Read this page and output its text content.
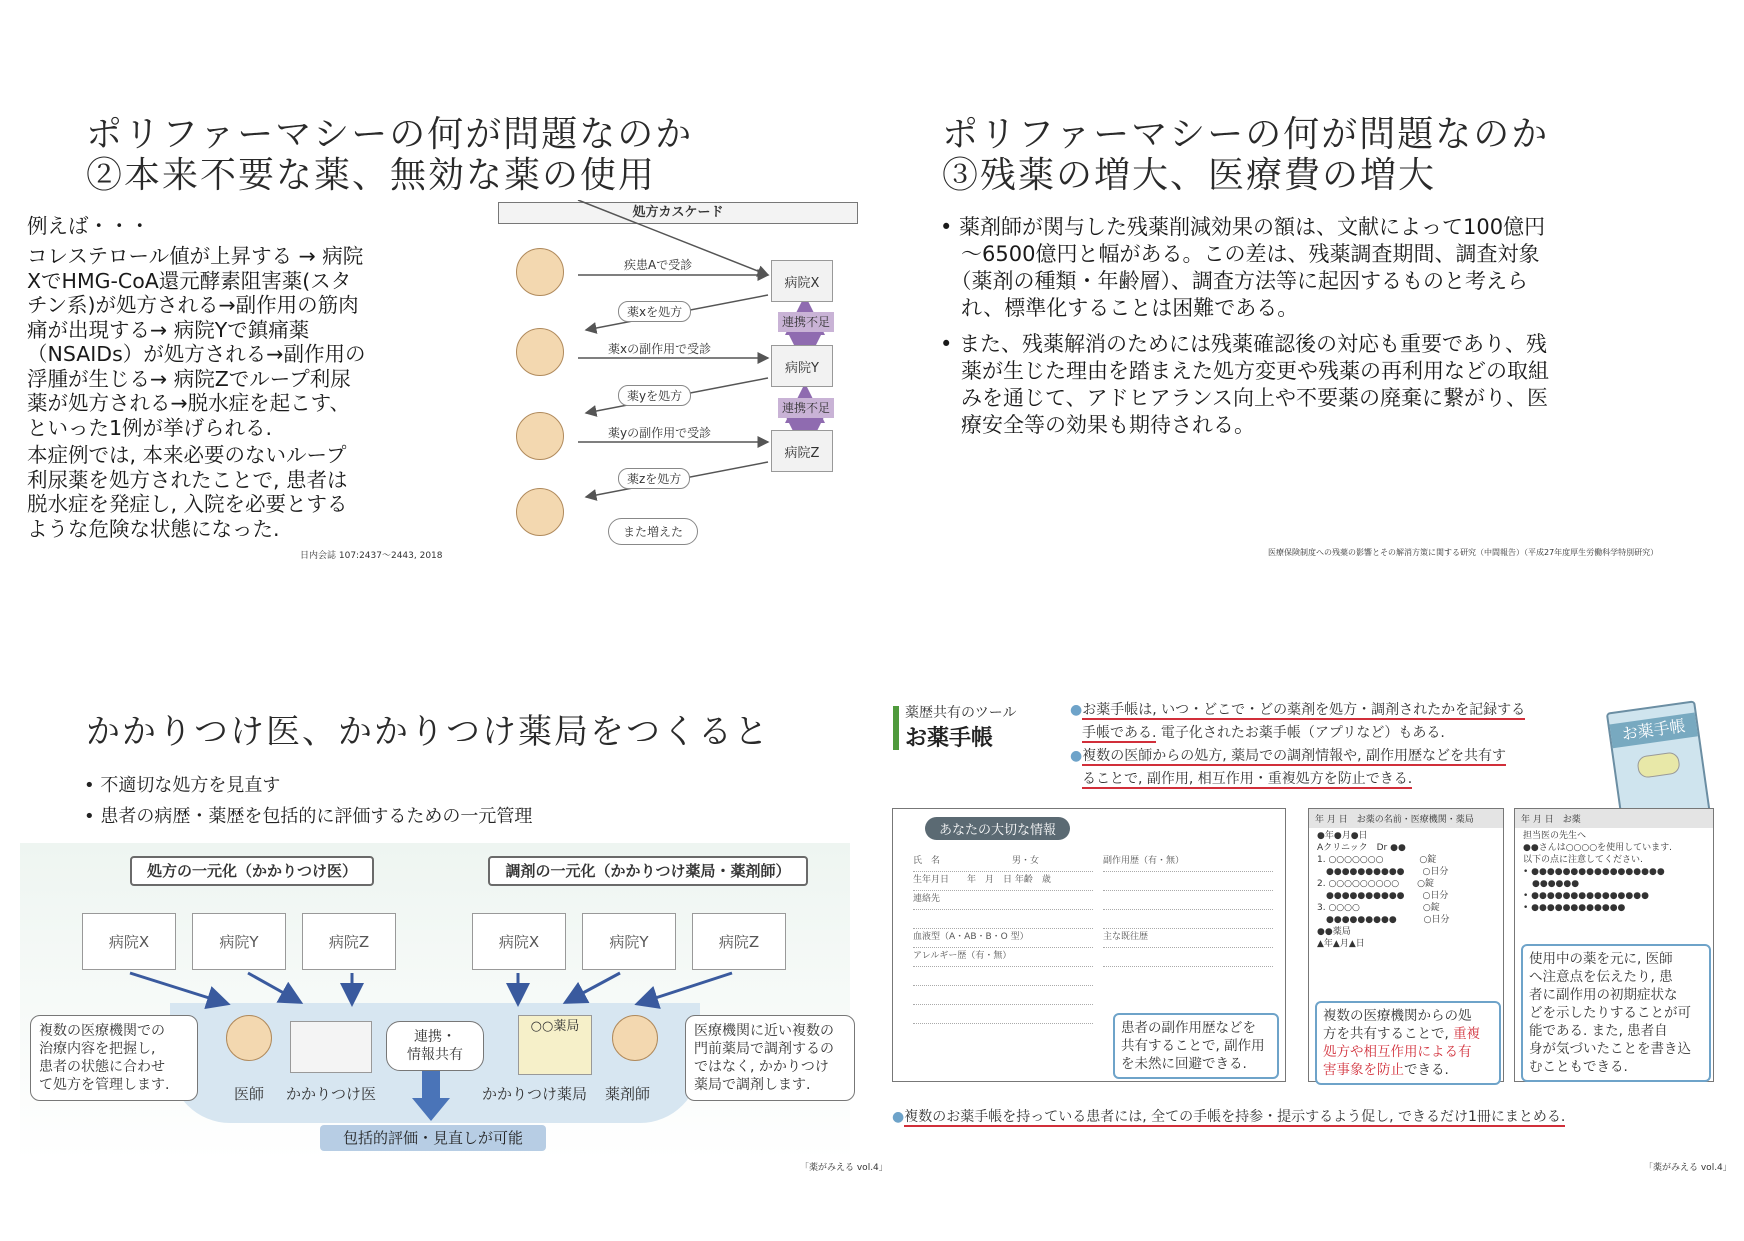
ポリファーマシーの何が問題なのか
②本来不要な薬、無効な薬の使用
例えば・・・
コレステロール値が上昇する → 病院
XでHMG-CoA還元酵素阻害薬(スタ
チン系)が処方される→副作用の筋肉
痛が出現する→ 病院Yで鎮痛薬
（NSAIDs）が処方される→副作用の
浮腫が生じる→ 病院Zでループ利尿
薬が処方される→脱水症を起こす、
といった1例が挙げられる.
本症例では, 本来必要のないループ
利尿薬を処方されたことで, 患者は
脱水症を発症し, 入院を必要とする
ような危険な状態になった.
日内会誌 107:2437～2443, 2018
処方カスケード
病院X
病院Y
病院Z
連携不足
連携不足
疾患Aで受診
薬xを処方
薬xの副作用で受診
薬yを処方
薬yの副作用で受診
薬zを処方
また増えた
ポリファーマシーの何が問題なのか
③残薬の増大、医療費の増大
• 薬剤師が関与した残薬削減効果の額は、文献によって100億円
　～6500億円と幅がある。この差は、残薬調査期間、調査対象
　（薬剤の種類・年齢層）、調査方法等に起因するものと考えら
　れ、標準化することは困難である。
• また、残薬解消のためには残薬確認後の対応も重要であり、残
　薬が生じた理由を踏まえた処方変更や残薬の再利用などの取組
　みを通じて、アドヒアランス向上や不要薬の廃棄に繋がり、医
　療安全等の効果も期待される。
医療保険制度への残薬の影響とその解消方策に関する研究（中間報告）（平成27年度厚生労働科学特別研究）
かかりつけ医、かかりつけ薬局をつくると
• 不適切な処方を見直す
• 患者の病歴・薬歴を包括的に評価するための一元管理
処方の一元化（かかりつけ医）	調剤の一元化（かかりつけ薬局・薬剤師）
病院X	病院Y	病院Z	病院X	病院Y	病院Z
複数の医療機関での
治療内容を把握し,
患者の状態に合わせ
て処方を管理します.
医療機関に近い複数の
門前薬局で調剤するの
ではなく, かかりつけ
薬局で調剤します.
○○薬局
連携・
情報共有
医師 かかりつけ医	かかりつけ薬局 薬剤師
包括的評価・見直しが可能
「薬がみえる vol.4」
薬歴共有のツール
お薬手帳
●お薬手帳は, いつ・どこで・どの薬剤を処方・調剤されたかを記録する
手帳である. 電子化されたお薬手帳（アプリなど）もある.
●複数の医師からの処方, 薬局での調剤情報や, 副作用歴などを共有す
ることで, 副作用, 相互作用・重複処方を防止できる.
お薬手帳
あなたの大切な情報
氏　名　　　　　　　　男・女
生年月日　　年　月　日 年齢　歳
連絡先
血液型（A・AB・B・O 型）
アレルギー歴（有・無）
副作用歴（有・無）
主な既往歴
患者の副作用歴などを
共有することで, 副作用
を未然に回避できる.
年 月 日　お薬の名前・医療機関・薬局
●年●月●日
Aクリニック　Dr ●●
1. ○○○○○○○　　　　○錠
　●●●●●●●●●●　　○日分
2. ○○○○○○○○○　　○錠
　●●●●●●●●●●　　○日分
3. ○○○○　　　　　　　○錠
　●●●●●●●●●　　　○日分
●●薬局
▲年▲月▲日
複数の医療機関からの処
方を共有することで, 重複
処方や相互作用による有
害事象を防止できる.
年 月 日　お薬
担当医の先生へ
●●さんは○○○○を使用しています.
以下の点に注意してください.
• ●●●●●●●●●●●●●●●●●
　●●●●●●
• ●●●●●●●●●●●●●●●
• ●●●●●●●●●●●●
使用中の薬を元に, 医師
へ注意点を伝えたり, 患
者に副作用の初期症状な
どを示したりすることが可
能である. また, 患者自
身が気づいたことを書き込
むこともできる.
●複数のお薬手帳を持っている患者には, 全ての手帳を持参・提示するよう促し, できるだけ1冊にまとめる.
「薬がみえる vol.4」
